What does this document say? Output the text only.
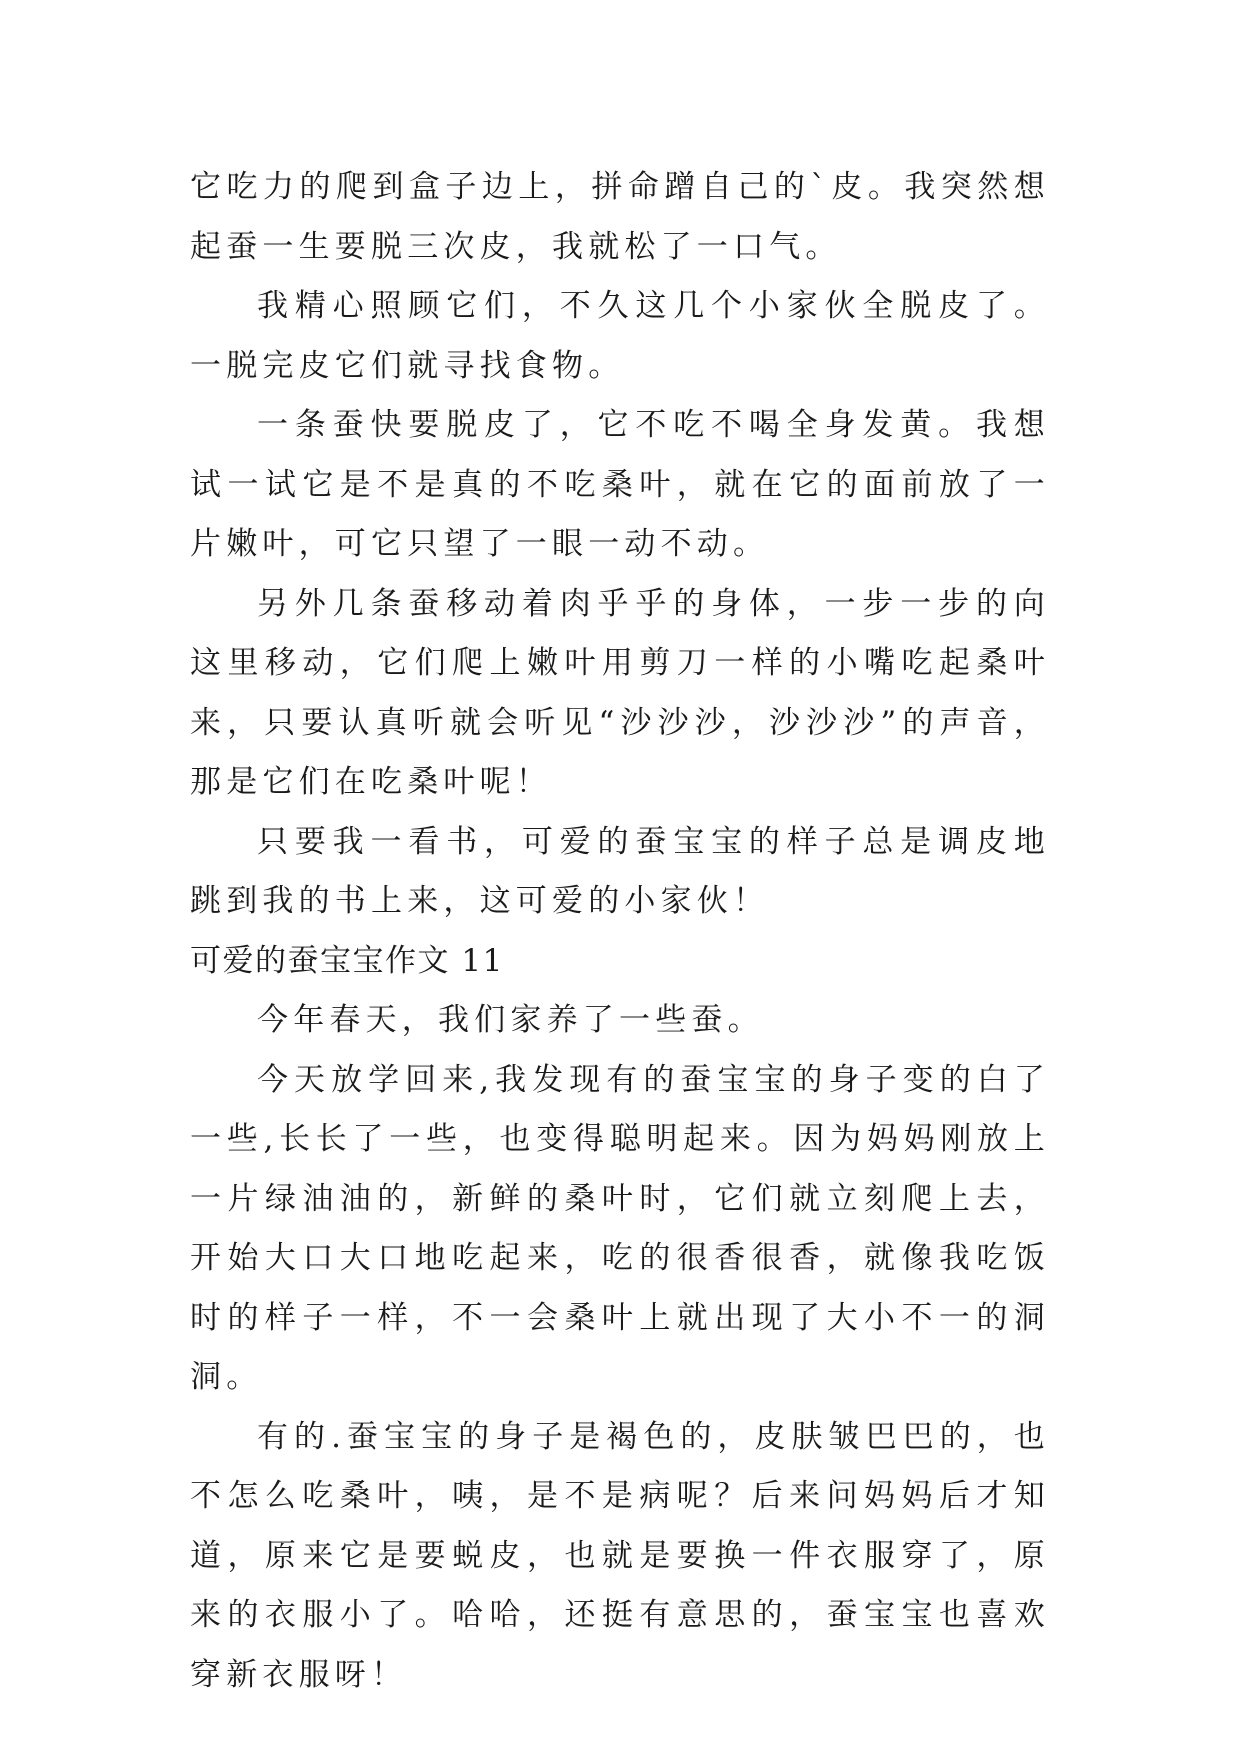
它吃力的爬到盒子边上，拼命蹭自己的`皮。我突然想起蚕一生要脱三次皮，我就松了一口气。

我精心照顾它们，不久这几个小家伙全脱皮了。一脱完皮它们就寻找食物。

一条蚕快要脱皮了，它不吃不喝全身发黄。我想试一试它是不是真的不吃桑叶，就在它的面前放了一片嫩叶，可它只望了一眼一动不动。

另外几条蚕移动着肉乎乎的身体，一步一步的向这里移动，它们爬上嫩叶用剪刀一样的小嘴吃起桑叶来，只要认真听就会听见“沙沙沙，沙沙沙”的声音，那是它们在吃桑叶呢！

只要我一看书，可爱的蚕宝宝的样子总是调皮地跳到我的书上来，这可爱的小家伙！

可爱的蚕宝宝作文 11

今年春天，我们家养了一些蚕。

今天放学回来,我发现有的蚕宝宝的身子变的白了一些,长长了一些，也变得聪明起来。因为妈妈刚放上一片绿油油的，新鲜的桑叶时，它们就立刻爬上去，开始大口大口地吃起来，吃的很香很香，就像我吃饭时的样子一样，不一会桑叶上就出现了大小不一的洞洞。

有的.蚕宝宝的身子是褐色的，皮肤皱巴巴的，也不怎么吃桑叶，咦，是不是病呢？后来问妈妈后才知道，原来它是要蜕皮，也就是要换一件衣服穿了，原来的衣服小了。哈哈，还挺有意思的，蚕宝宝也喜欢穿新衣服呀！
